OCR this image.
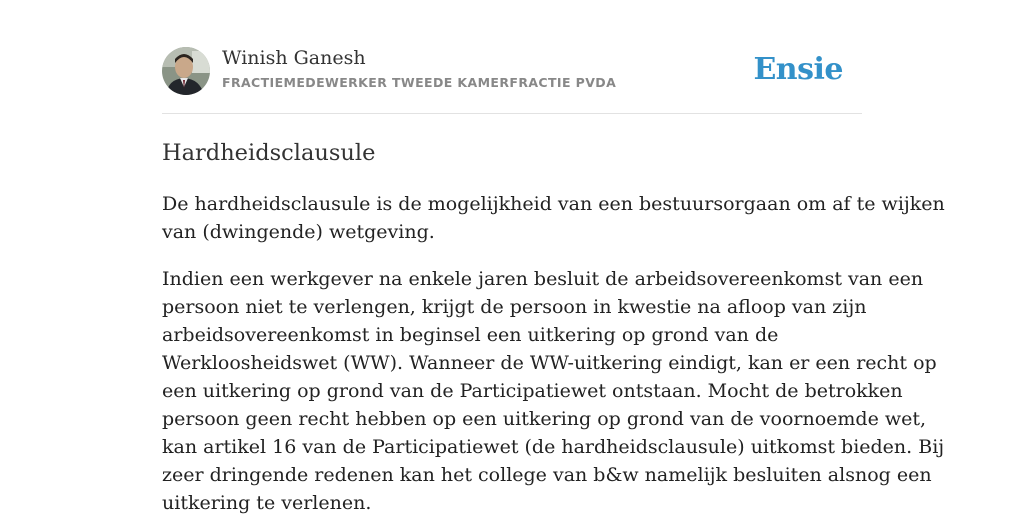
Winish Ganesh
FRACTIEMEDEWERKER TWEEDE KAMERFRACTIE PVDA	Ensie
Hardheidsclausule

De hardheidsclausule is de mogelijkheid van een bestuursorgaan om af te wijken
van (dwingende) wetgeving.

Indien een werkgever na enkele jaren besluit de arbeidsovereenkomst van een
persoon niet te verlengen, krijgt de persoon in kwestie na afloop van zijn
arbeidsovereenkomst in beginsel een uitkering op grond van de
Werkloosheidswet (WW). Wanneer de WW-uitkering eindigt, kan er een recht op
een uitkering op grond van de Participatiewet ontstaan. Mocht de betrokken
persoon geen recht hebben op een uitkering op grond van de voornoemde wet,
kan artikel 16 van de Participatiewet (de hardheidsclausule) uitkomst bieden. Bij
zeer dringende redenen kan het college van b&w namelijk besluiten alsnog een
uitkering te verlenen.
